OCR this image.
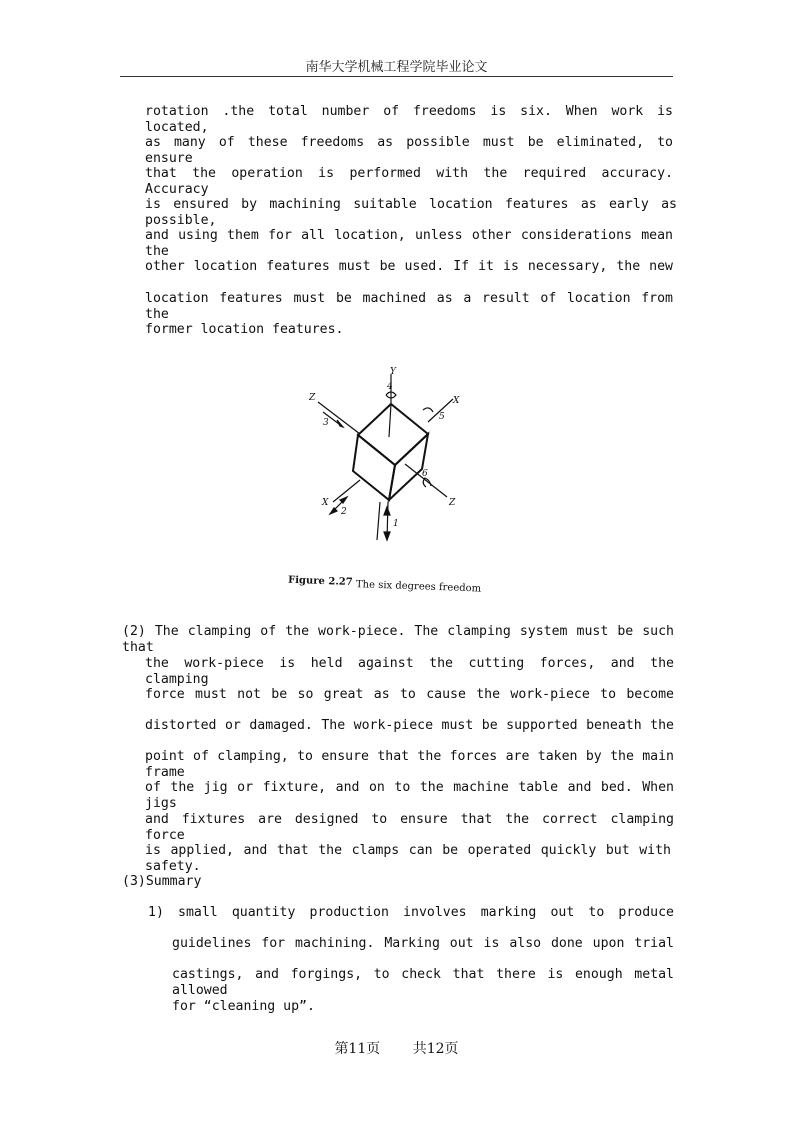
南华大学机械工程学院毕业论文
rotation .the total number of freedoms is six. When work is located,
as many of these freedoms as possible must be eliminated, to ensure
that the operation is performed with the required accuracy. Accuracy
is ensured by machining suitable location features as early as possible,
and using them for all location, unless other considerations mean the
other location features must be used. If it is necessary, the new
location features must be machined as a result of location from the
former location features.
Y
4
X
5
Z
3
6
Z
X
2
1
Figure 2.27 The six degrees freedom
(2) The clamping of the work-piece. The clamping system must be such that
the work-piece is held against the cutting forces, and the clamping
force must not be so great as to cause the work-piece to become
distorted or damaged. The work-piece must be supported beneath the
point of clamping, to ensure that the forces are taken by the main frame
of the jig or fixture, and on to the machine table and bed. When jigs
and fixtures are designed to ensure that the correct clamping force
is applied, and that the clamps can be operated quickly but with safety.
(3)Summary
1) small quantity production involves marking out to produce
guidelines for machining. Marking out is also done upon trial
castings, and forgings, to check that there is enough metal allowed
for “cleaning up”.
第11页 共12页
